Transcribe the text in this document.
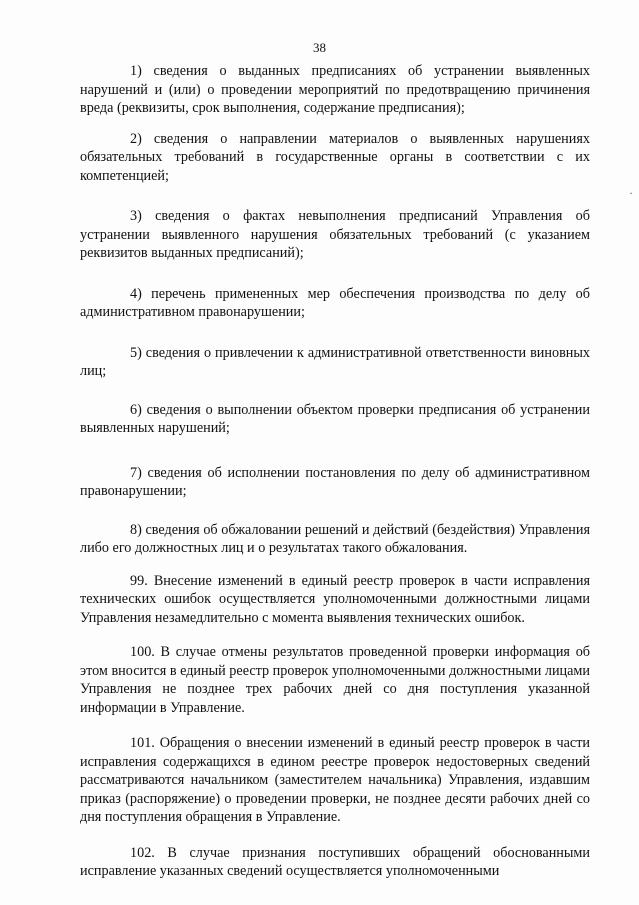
38
·

1) сведения о выданных предписаниях об устранении выявленных нарушений и (или) о проведении мероприятий по предотвращению причинения вреда (реквизиты, срок выполнения, содержание предписания);

2) сведения о направлении материалов о выявленных нарушениях обязательных требований в государственные органы в соответствии с их компетенцией;

3) сведения о фактах невыполнения предписаний Управления об устранении выявленного нарушения обязательных требований (с указанием реквизитов выданных предписаний);

4) перечень примененных мер обеспечения производства по делу об административном правонарушении;

5) сведения о привлечении к административной ответственности виновных лиц;

6) сведения о выполнении объектом проверки предписания об устранении выявленных нарушений;

7) сведения об исполнении постановления по делу об административном правонарушении;

8) сведения об обжаловании решений и действий (бездействия) Управления либо его должностных лиц и о результатах такого обжалования.

99. Внесение изменений в единый реестр проверок в части исправления технических ошибок осуществляется уполномоченными должностными лицами Управления незамедлительно с момента выявления технических ошибок.

100. В случае отмены результатов проведенной проверки информация об этом вносится в единый реестр проверок уполномоченными должностными лицами Управления не позднее трех рабочих дней со дня поступления указанной информации в Управление.

101. Обращения о внесении изменений в единый реестр проверок в части исправления содержащихся в едином реестре проверок недостоверных сведений рассматриваются начальником (заместителем начальника) Управления, издавшим приказ (распоряжение) о проведении проверки, не позднее десяти рабочих дней со дня поступления обращения в Управление.

102. В случае признания поступивших обращений обоснованными исправление указанных сведений осуществляется уполномоченными
